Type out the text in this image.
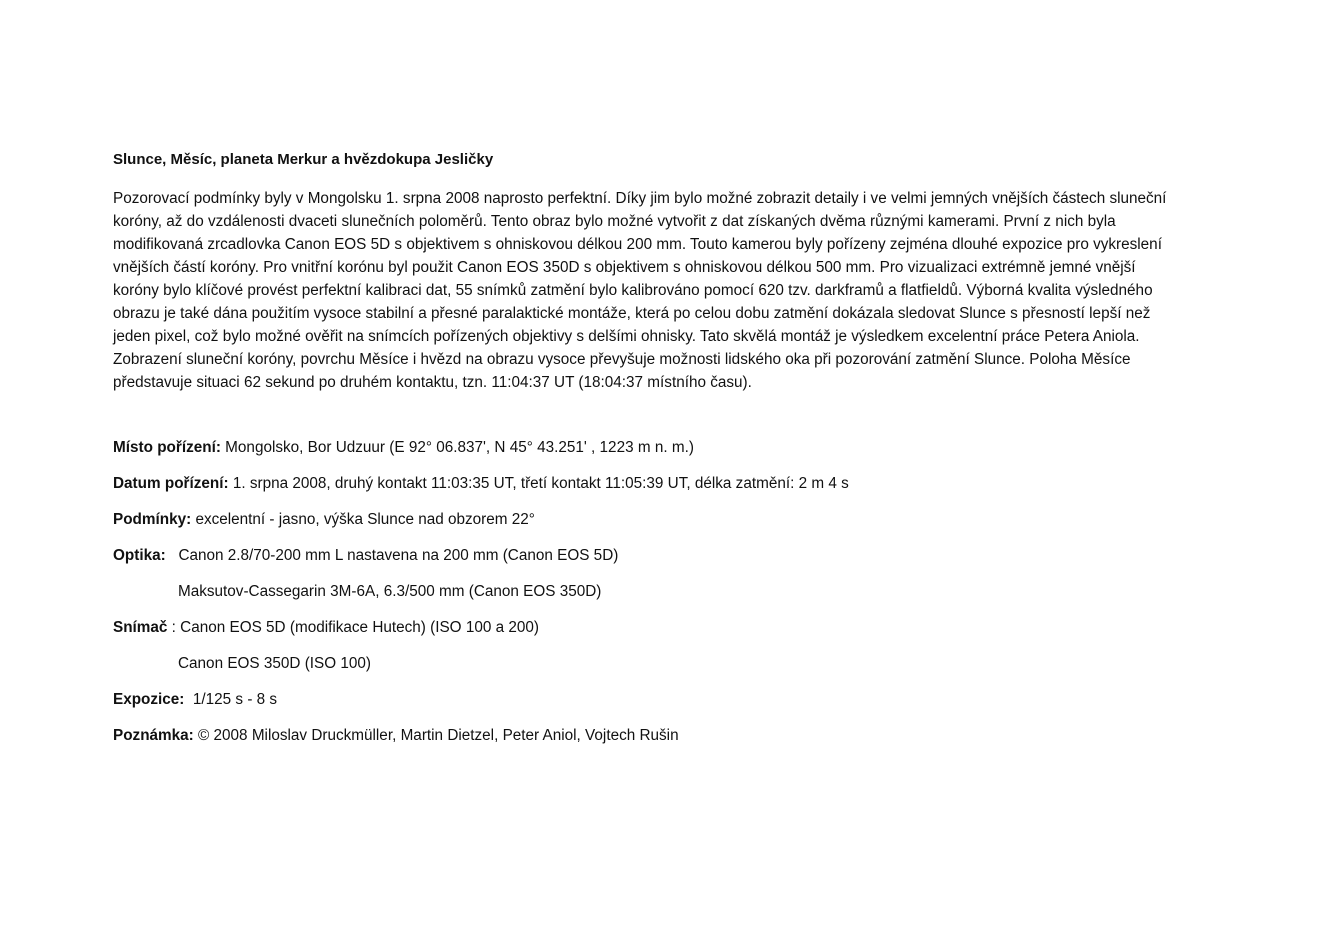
Slunce, Měsíc, planeta Merkur a hvězdokupa Jesličky

Pozorovací podmínky byly v Mongolsku 1. srpna 2008 naprosto perfektní. Díky jim bylo možné zobrazit detaily i ve velmi jemných vnějších částech sluneční
koróny, až do vzdálenosti dvaceti slunečních poloměrů. Tento obraz bylo možné vytvořit z dat získaných dvěma různými kamerami. První z nich byla
modifikovaná zrcadlovka Canon EOS 5D s objektivem s ohniskovou délkou 200 mm. Touto kamerou byly pořízeny zejména dlouhé expozice pro vykreslení
vnějších částí koróny. Pro vnitřní korónu byl použit Canon EOS 350D s objektivem s ohniskovou délkou 500 mm. Pro vizualizaci extrémně jemné vnější
koróny bylo klíčové provést perfektní kalibraci dat, 55 snímků zatmění bylo kalibrováno pomocí 620 tzv. darkframů a flatfieldů. Výborná kvalita výsledného
obrazu je také dána použitím vysoce stabilní a přesné paralaktické montáže, která po celou dobu zatmění dokázala sledovat Slunce s přesností lepší než
jeden pixel, což bylo možné ověřit na snímcích pořízených objektivy s delšími ohnisky. Tato skvělá montáž je výsledkem excelentní práce Petera Aniola.
Zobrazení sluneční koróny, povrchu Měsíce i hvězd na obrazu vysoce převyšuje možnosti lidského oka při pozorování zatmění Slunce. Poloha Měsíce
představuje situaci 62 sekund po druhém kontaktu, tzn. 11:04:37 UT (18:04:37 místního času).

Místo pořízení: Mongolsko, Bor Udzuur (E 92° 06.837', N 45° 43.251' , 1223 m n. m.)
Datum pořízení: 1. srpna 2008, druhý kontakt 11:03:35 UT, třetí kontakt 11:05:39 UT, délka zatmění: 2 m 4 s
Podmínky: excelentní - jasno, výška Slunce nad obzorem 22°
Optika:   Canon 2.8/70-200 mm L nastavena na 200 mm (Canon EOS 5D)
Maksutov-Cassegarin 3M-6A, 6.3/500 mm (Canon EOS 350D)
Snímač : Canon EOS 5D (modifikace Hutech) (ISO 100 a 200)
Canon EOS 350D (ISO 100)
Expozice:  1/125 s - 8 s
Poznámka: © 2008 Miloslav Druckmüller, Martin Dietzel, Peter Aniol, Vojtech Rušin
